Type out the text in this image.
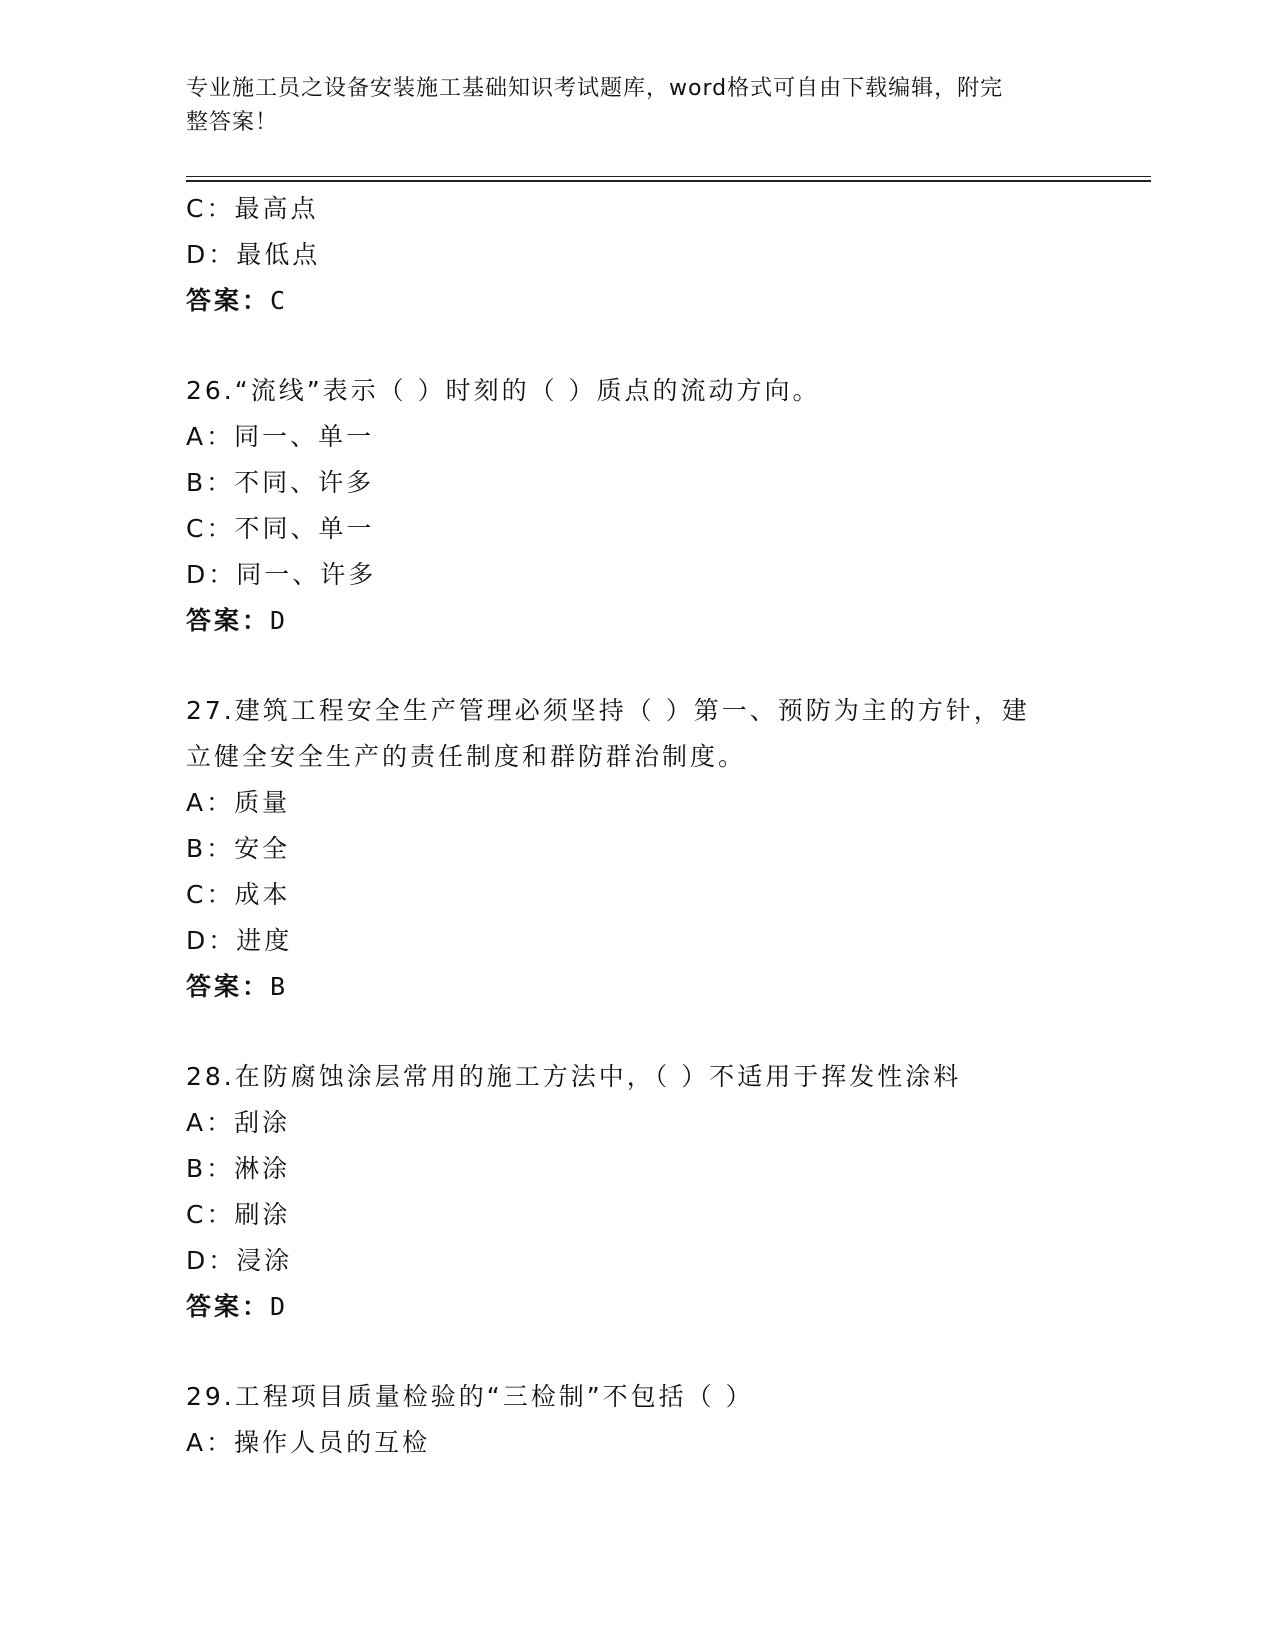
专业施工员之设备安装施工基础知识考试题库，word格式可自由下载编辑，附完
整答案！
C：最高点
D：最低点
答案：C
26.“流线”表示（ ）时刻的（ ）质点的流动方向。
A：同一、单一
B：不同、许多
C：不同、单一
D：同一、许多
答案：D
27.建筑工程安全生产管理必须坚持（ ）第一、预防为主的方针，建
立健全安全生产的责任制度和群防群治制度。
A：质量
B：安全
C：成本
D：进度
答案：B
28.在防腐蚀涂层常用的施工方法中，（ ）不适用于挥发性涂料
A：刮涂
B：淋涂
C：刷涂
D：浸涂
答案：D
29.工程项目质量检验的“三检制”不包括（ ）
A：操作人员的互检
